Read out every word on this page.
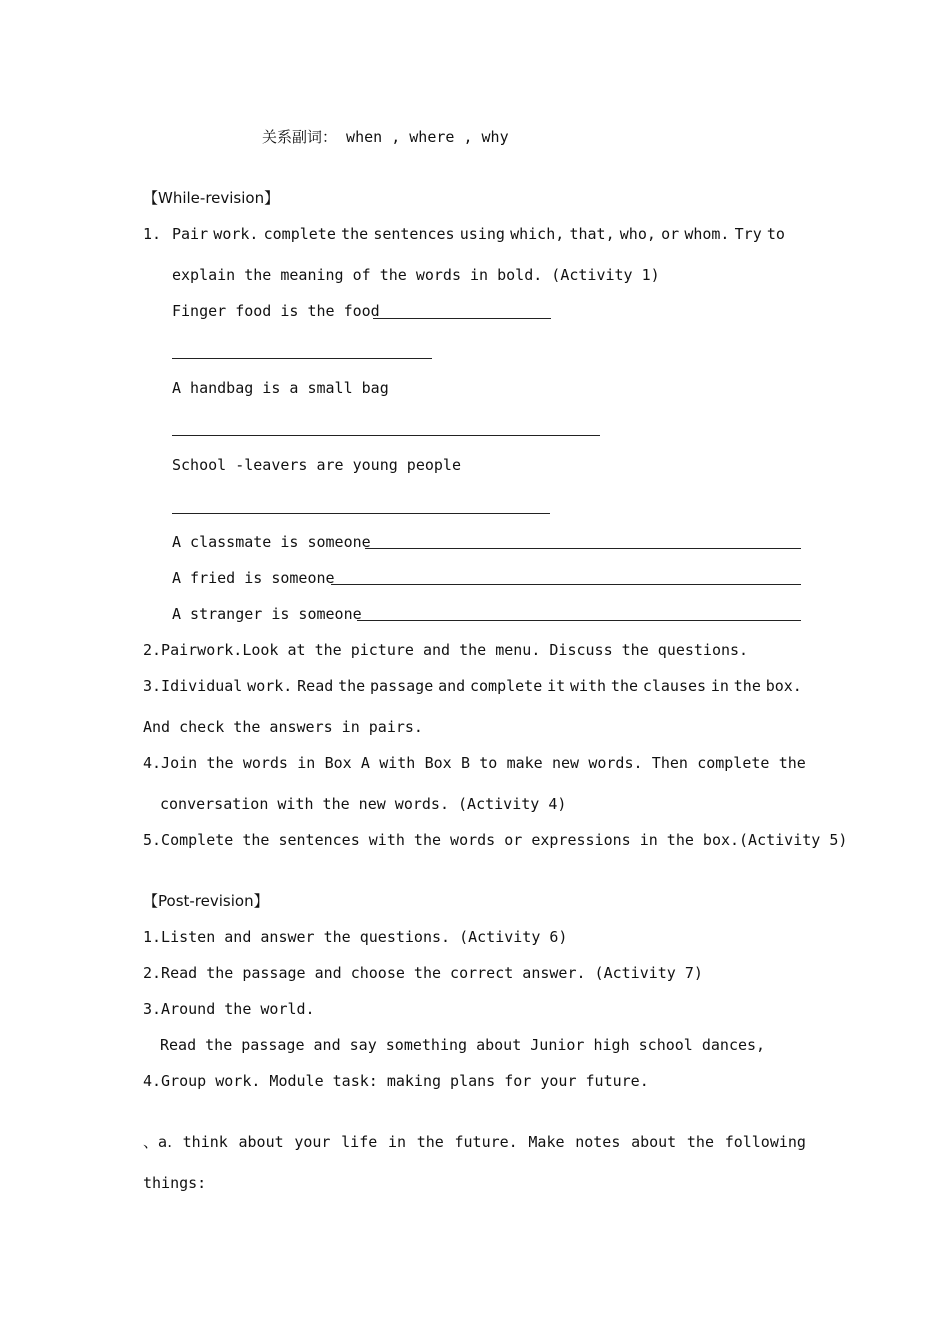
关系副词： when , where , why
【While-revision】
1. Pair work. complete the sentences using which, that, who, or whom. Try to
explain the meaning of the words in bold. (Activity 1)
Finger food is the food
A handbag is a small bag
School -leavers are young people
A classmate is someone
A fried is someone
A stranger is someone
2.Pairwork.Look at the picture and the menu. Discuss the questions.
3.Idividual work. Read the passage and complete it with the clauses in the box.
And check the answers in pairs.
4.Join the words in Box A with Box B to make new words. Then complete the
conversation with the new words. (Activity 4)
5.Complete the sentences with the words or expressions in the box.(Activity 5)
【Post-revision】
1.Listen and answer the questions. (Activity 6)
2.Read the passage and choose the correct answer. (Activity 7)
3.Around the world.
Read the passage and say something about Junior high school dances,
4.Group work. Module task: making plans for your future.
、a. think about your life in the future. Make notes about the following
things:
